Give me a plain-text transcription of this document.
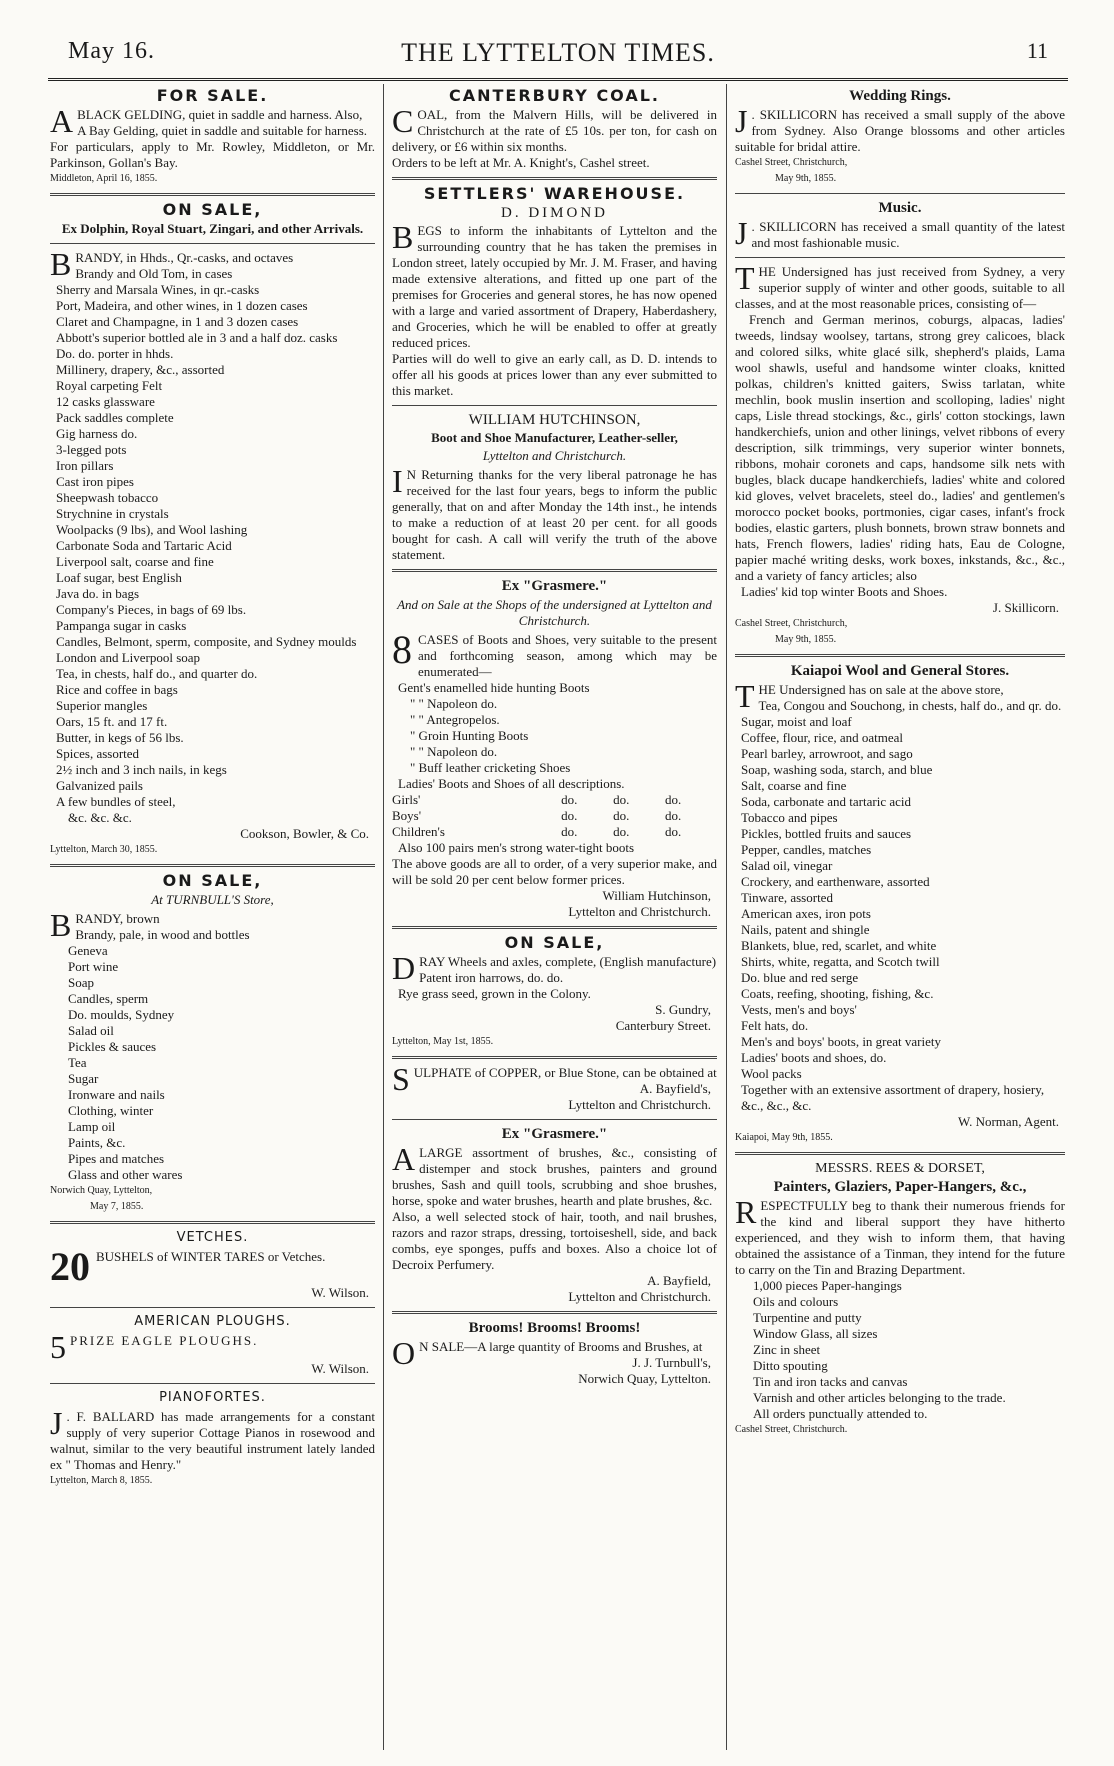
May 16.	THE LYTTELTON TIMES.	11
FOR SALE.

ABLACK GELDING, quiet in saddle and harness. Also,

A Bay Gelding, quiet in saddle and suitable for harness.

For particulars, apply to Mr. Rowley, Middleton, or Mr. Parkinson, Gollan's Bay.

Middleton, April 16, 1855.
ON SALE,
Ex Dolphin, Royal Stuart, Zingari, and other Arrivals.

BRANDY, in Hhds., Qr.-casks, and octaves

Brandy and Old Tom, in cases
Sherry and Marsala Wines, in qr.-casks
Port, Madeira, and other wines, in 1 dozen cases
Claret and Champagne, in 1 and 3 dozen cases
Abbott's superior bottled ale in 3 and a half doz. casks
Do. do. porter in hhds.
Millinery, drapery, &c., assorted
Royal carpeting Felt
12 casks glassware
Pack saddles complete
Gig harness do.
3-legged pots
Iron pillars
Cast iron pipes
Sheepwash tobacco
Strychnine in crystals
Woolpacks (9 lbs), and Wool lashing
Carbonate Soda and Tartaric Acid
Liverpool salt, coarse and fine
Loaf sugar, best English
Java do. in bags
Company's Pieces, in bags of 69 lbs.
Pampanga sugar in casks
Candles, Belmont, sperm, composite, and Sydney moulds
London and Liverpool soap
Tea, in chests, half do., and quarter do.
Rice and coffee in bags
Superior mangles
Oars, 15 ft. and 17 ft.
Butter, in kegs of 56 lbs.
Spices, assorted
2½ inch and 3 inch nails, in kegs
Galvanized pails
A few bundles of steel,
&c. &c. &c.
Cookson, Bowler, & Co.
Lyttelton, March 30, 1855.
ON SALE,
At TURNBULL'S Store,

BRANDY, brown

Brandy, pale, in wood and bottles
Geneva
Port wine
Soap
Candles, sperm
Do. moulds, Sydney
Salad oil
Pickles & sauces
Tea
Sugar
Ironware and nails
Clothing, winter
Lamp oil
Paints, &c.
Pipes and matches
Glass and other wares
Norwich Quay, Lyttelton,
May 7, 1855.
VETCHES.

20 BUSHELS of WINTER TARES or Vetches.

W. Wilson.
AMERICAN PLOUGHS.

5 PRIZE EAGLE PLOUGHS.

W. Wilson.
PIANOFORTES.

J . F. BALLARD has made arrangements for a constant supply of very superior Cottage Pianos in rosewood and walnut, similar to the very beautiful instrument lately landed ex " Thomas and Henry."

Lyttelton, March 8, 1855.
CANTERBURY COAL.

COAL, from the Malvern Hills, will be delivered in Christchurch at the rate of £5 10s. per ton, for cash on delivery, or £6 within six months.

Orders to be left at Mr. A. Knight's, Cashel street.

SETTLERS' WAREHOUSE.
D. DIMOND

BEGS to inform the inhabitants of Lyttelton and the surrounding country that he has taken the premises in London street, lately occupied by Mr. J. M. Fraser, and having made extensive alterations, and fitted up one part of the premises for Groceries and general stores, he has now opened with a large and varied assortment of Drapery, Haberdashery, and Groceries, which he will be enabled to offer at greatly reduced prices.

Parties will do well to give an early call, as D. D. intends to offer all his goods at prices lower than any ever submitted to this market.

WILLIAM HUTCHINSON,
Boot and Shoe Manufacturer, Leather-seller,
Lyttelton and Christchurch.

I N Returning thanks for the very liberal patronage he has received for the last four years, begs to inform the public generally, that on and after Monday the 14th inst., he intends to make a reduction of at least 20 per cent. for all goods bought for cash. A call will verify the truth of the above statement.

Ex "Grasmere."
And on Sale at the Shops of the undersigned at Lyttelton and Christchurch.

8 CASES of Boots and Shoes, very suitable to the present and forthcoming season, among which may be enumerated—

Gent's enamelled hide hunting Boots
" " Napoleon do.
" " Antegropelos.
" Groin Hunting Boots
" " Napoleon do.
" Buff leather cricketing Shoes
Ladies' Boots and Shoes of all descriptions.
Girls'	do.	do.	do.
Boys'	do.	do.	do.
Children's	do.	do.	do.
Also 100 pairs men's strong water-tight boots

The above goods are all to order, of a very superior make, and will be sold 20 per cent below former prices.

William Hutchinson,
Lyttelton and Christchurch.
ON SALE,

DRAY Wheels and axles, complete, (English manufacture)

Patent iron harrows, do. do.
Rye grass seed, grown in the Colony.
S. Gundry,
Canterbury Street.
Lyttelton, May 1st, 1855.

SULPHATE of COPPER, or Blue Stone, can be obtained at

A. Bayfield's,
Lyttelton and Christchurch.
Ex "Grasmere."

ALARGE assortment of brushes, &c., consisting of distemper and stock brushes, painters and ground brushes, Sash and quill tools, scrubbing and shoe brushes, horse, spoke and water brushes, hearth and plate brushes, &c.

Also, a well selected stock of hair, tooth, and nail brushes, razors and razor straps, dressing, tortoiseshell, side, and back combs, eye sponges, puffs and boxes. Also a choice lot of Decroix Perfumery.

A. Bayfield,
Lyttelton and Christchurch.
Brooms! Brooms! Brooms!

O N SALE—A large quantity of Brooms and Brushes, at

J. J. Turnbull's,
Norwich Quay, Lyttelton.
Wedding Rings.

J . SKILLICORN has received a small supply of the above from Sydney. Also Orange blossoms and other articles suitable for bridal attire.

Cashel Street, Christchurch,
May 9th, 1855.
Music.

J . SKILLICORN has received a small quantity of the latest and most fashionable music.

THE Undersigned has just received from Sydney, a very superior supply of winter and other goods, suitable to all classes, and at the most reasonable prices, consisting of—

French and German merinos, coburgs, alpacas, ladies' tweeds, lindsay woolsey, tartans, strong grey calicoes, black and colored silks, white glacé silk, shepherd's plaids, Lama wool shawls, useful and handsome winter cloaks, knitted polkas, children's knitted gaiters, Swiss tarlatan, white mechlin, book muslin insertion and scolloping, ladies' night caps, Lisle thread stockings, &c., girls' cotton stockings, lawn handkerchiefs, union and other linings, velvet ribbons of every description, silk trimmings, very superior winter bonnets, ribbons, mohair coronets and caps, handsome silk nets with bugles, black ducape handkerchiefs, ladies' white and colored kid gloves, velvet bracelets, steel do., ladies' and gentlemen's morocco pocket books, portmonies, cigar cases, infant's frock bodies, elastic garters, plush bonnets, brown straw bonnets and hats, French flowers, ladies' riding hats, Eau de Cologne, papier maché writing desks, work boxes, inkstands, &c., &c., and a variety of fancy articles; also

Ladies' kid top winter Boots and Shoes.
J. Skillicorn.
Cashel Street, Christchurch,
May 9th, 1855.
Kaiapoi Wool and General Stores.

THE Undersigned has on sale at the above store,

Tea, Congou and Souchong, in chests, half do., and qr. do.
Sugar, moist and loaf
Coffee, flour, rice, and oatmeal
Pearl barley, arrowroot, and sago
Soap, washing soda, starch, and blue
Salt, coarse and fine
Soda, carbonate and tartaric acid
Tobacco and pipes
Pickles, bottled fruits and sauces
Pepper, candles, matches
Salad oil, vinegar
Crockery, and earthenware, assorted
Tinware, assorted
American axes, iron pots
Nails, patent and shingle
Blankets, blue, red, scarlet, and white
Shirts, white, regatta, and Scotch twill
Do. blue and red serge
Coats, reefing, shooting, fishing, &c.
Vests, men's and boys'
Felt hats, do.
Men's and boys' boots, in great variety
Ladies' boots and shoes, do.
Wool packs
Together with an extensive assortment of drapery, hosiery, &c., &c., &c.
W. Norman, Agent.
Kaiapoi, May 9th, 1855.
MESSRS. REES & DORSET,
Painters, Glaziers, Paper-Hangers, &c.,

RESPECTFULLY beg to thank their numerous friends for the kind and liberal support they have hitherto experienced, and they wish to inform them, that having obtained the assistance of a Tinman, they intend for the future to carry on the Tin and Brazing Department.

1,000 pieces Paper-hangings
Oils and colours
Turpentine and putty
Window Glass, all sizes
Zinc in sheet
Ditto spouting
Tin and iron tacks and canvas
Varnish and other articles belonging to the trade.
All orders punctually attended to.
Cashel Street, Christchurch.
